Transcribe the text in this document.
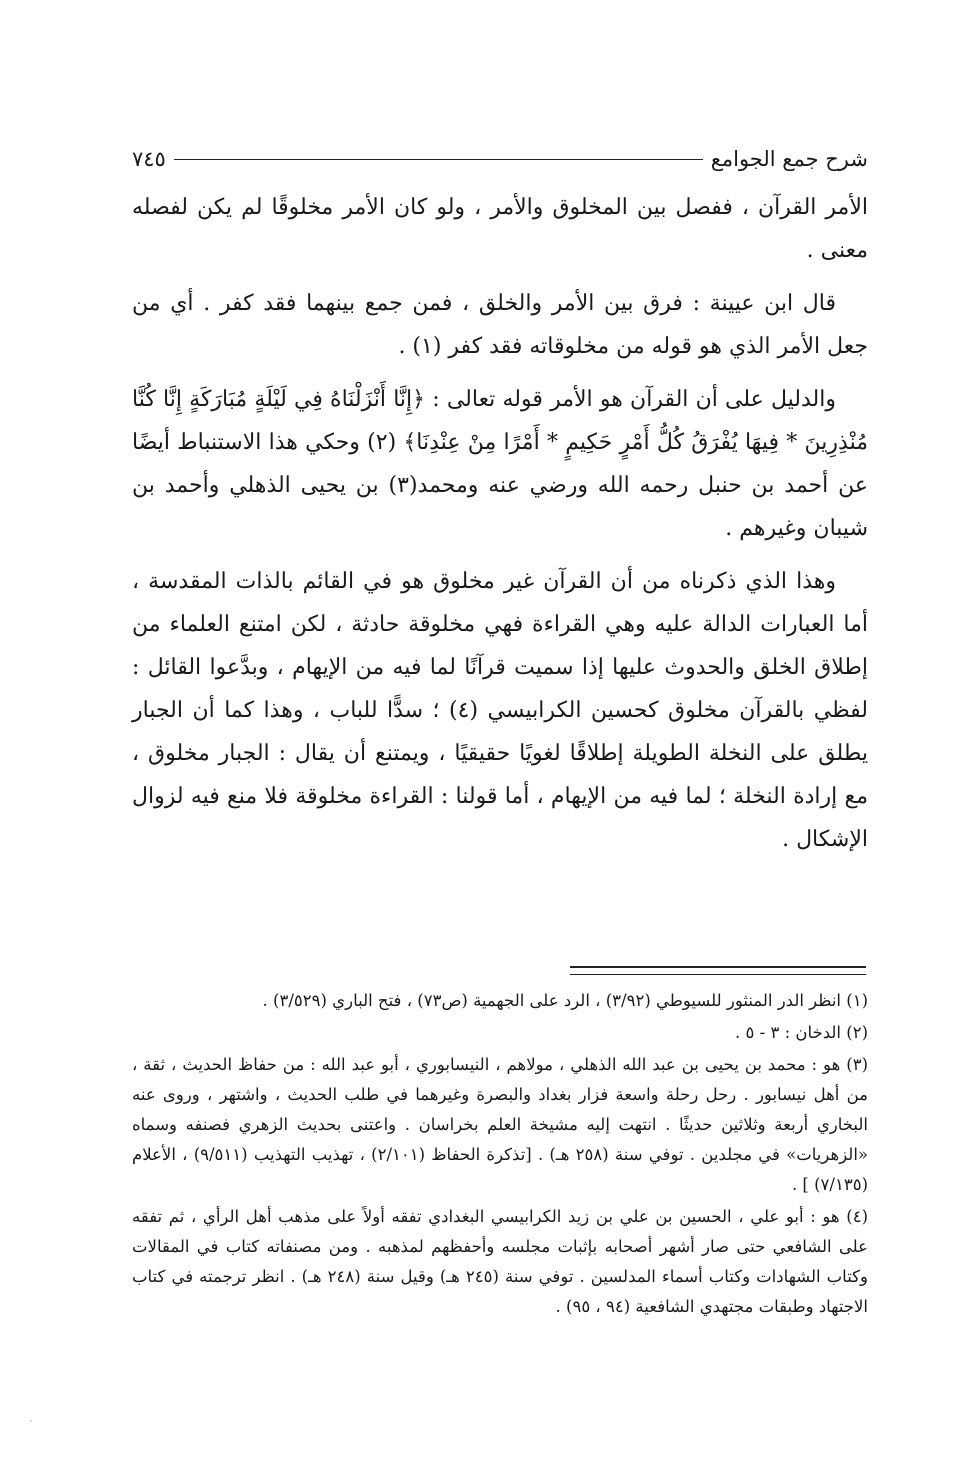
شرح جمع الجوامع
٧٤٥

الأمر القرآن ، ففصل بين المخلوق والأمر ، ولو كان الأمر مخلوقًا لم يكن لفصله معنى .

قال ابن عيينة : فرق بين الأمر والخلق ، فمن جمع بينهما فقد كفر . أي من جعل الأمر الذي هو قوله من مخلوقاته فقد كفر (١) .

والدليل على أن القرآن هو الأمر قوله تعالى : ﴿إِنَّا أَنْزَلْنَاهُ فِي لَيْلَةٍ مُبَارَكَةٍ إِنَّا كُنَّا مُنْذِرِينَ * فِيهَا يُفْرَقُ كُلُّ أَمْرٍ حَكِيمٍ * أَمْرًا مِنْ عِنْدِنَا﴾ (٢) وحكي هذا الاستنباط أيضًا عن أحمد بن حنبل رحمه الله ورضي عنه ومحمد(٣) بن يحيى الذهلي وأحمد بن شيبان وغيرهم .

وهذا الذي ذكرناه من أن القرآن غير مخلوق هو في القائم بالذات المقدسة ، أما العبارات الدالة عليه وهي القراءة فهي مخلوقة حادثة ، لكن امتنع العلماء من إطلاق الخلق والحدوث عليها إذا سميت قرآنًا لما فيه من الإيهام ، وبدَّعوا القائل : لفظي بالقرآن مخلوق كحسين الكرابيسي (٤) ؛ سدًّا للباب ، وهذا كما أن الجبار يطلق على النخلة الطويلة إطلاقًا لغويًا حقيقيًا ، ويمتنع أن يقال : الجبار مخلوق ، مع إرادة النخلة ؛ لما فيه من الإيهام ، أما قولنا : القراءة مخلوقة فلا منع فيه لزوال الإشكال .

(١) انظر الدر المنثور للسيوطي (٣/٩٢) ، الرد على الجهمية (ص٧٣) ، فتح الباري (٣/٥٢٩) .

(٢) الدخان : ٣ - ٥ .

(٣) هو : محمد بن يحيى بن عبد الله الذهلي ، مولاهم ، النيسابوري ، أبو عبد الله : من حفاظ الحديث ، ثقة ، من أهل نيسابور . رحل رحلة واسعة فزار بغداد والبصرة وغيرهما في طلب الحديث ، واشتهر ، وروى عنه البخاري أربعة وثلاثين حديثًا . انتهت إليه مشيخة العلم بخراسان . واعتنى بحديث الزهري فصنفه وسماه «الزهريات» في مجلدين . توفي سنة (٢٥٨ هـ) . [تذكرة الحفاظ (٢/١٠١) ، تهذيب التهذيب (٩/٥١١) ، الأعلام (٧/١٣٥) ] .

(٤) هو : أبو علي ، الحسين بن علي بن زيد الكرابيسي البغدادي تفقه أولاً على مذهب أهل الرأي ، ثم تفقه على الشافعي حتى صار أشهر أصحابه بإثبات مجلسه وأحفظهم لمذهبه . ومن مصنفاته كتاب في المقالات وكتاب الشهادات وكتاب أسماء المدلسين . توفي سنة (٢٤٥ هـ) وقيل سنة (٢٤٨ هـ) . انظر ترجمته في كتاب الاجتهاد وطبقات مجتهدي الشافعية (٩٤ ، ٩٥) .
